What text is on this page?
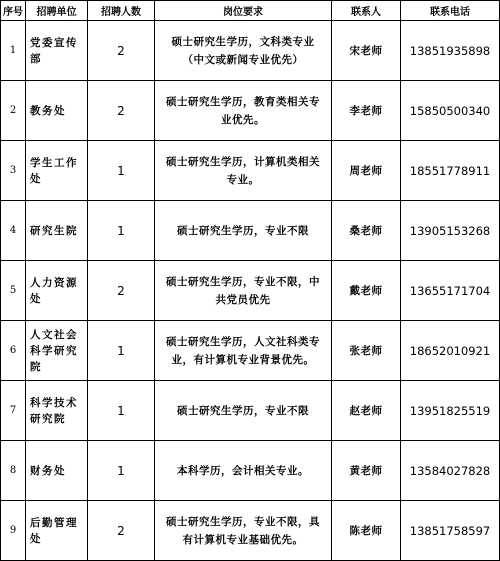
序号	招聘单位	招聘人数	岗位要求	联系人	联系电话
1	党委宣传部	2	硕士研究生学历，文科类专业（中文或新闻专业优先）	宋老师	13851935898
2	教务处	2	硕士研究生学历，教育类相关专业优先。	李老师	15850500340
3	学生工作处	1	硕士研究生学历，计算机类相关专业。	周老师	18551778911
4	研究生院	1	硕士研究生学历，专业不限	桑老师	13905153268
5	人力资源处	2	硕士研究生学历，专业不限，中共党员优先	戴老师	13655171704
6	人文社会科学研究院	1	硕士研究生学历，人文社科类专业，有计算机专业背景优先。	张老师	18652010921
7	科学技术研究院	1	硕士研究生学历，专业不限	赵老师	13951825519
8	财务处	1	本科学历，会计相关专业。	黄老师	13584027828
9	后勤管理处	2	硕士研究生学历，专业不限，具有计算机专业基础优先。	陈老师	13851758597
